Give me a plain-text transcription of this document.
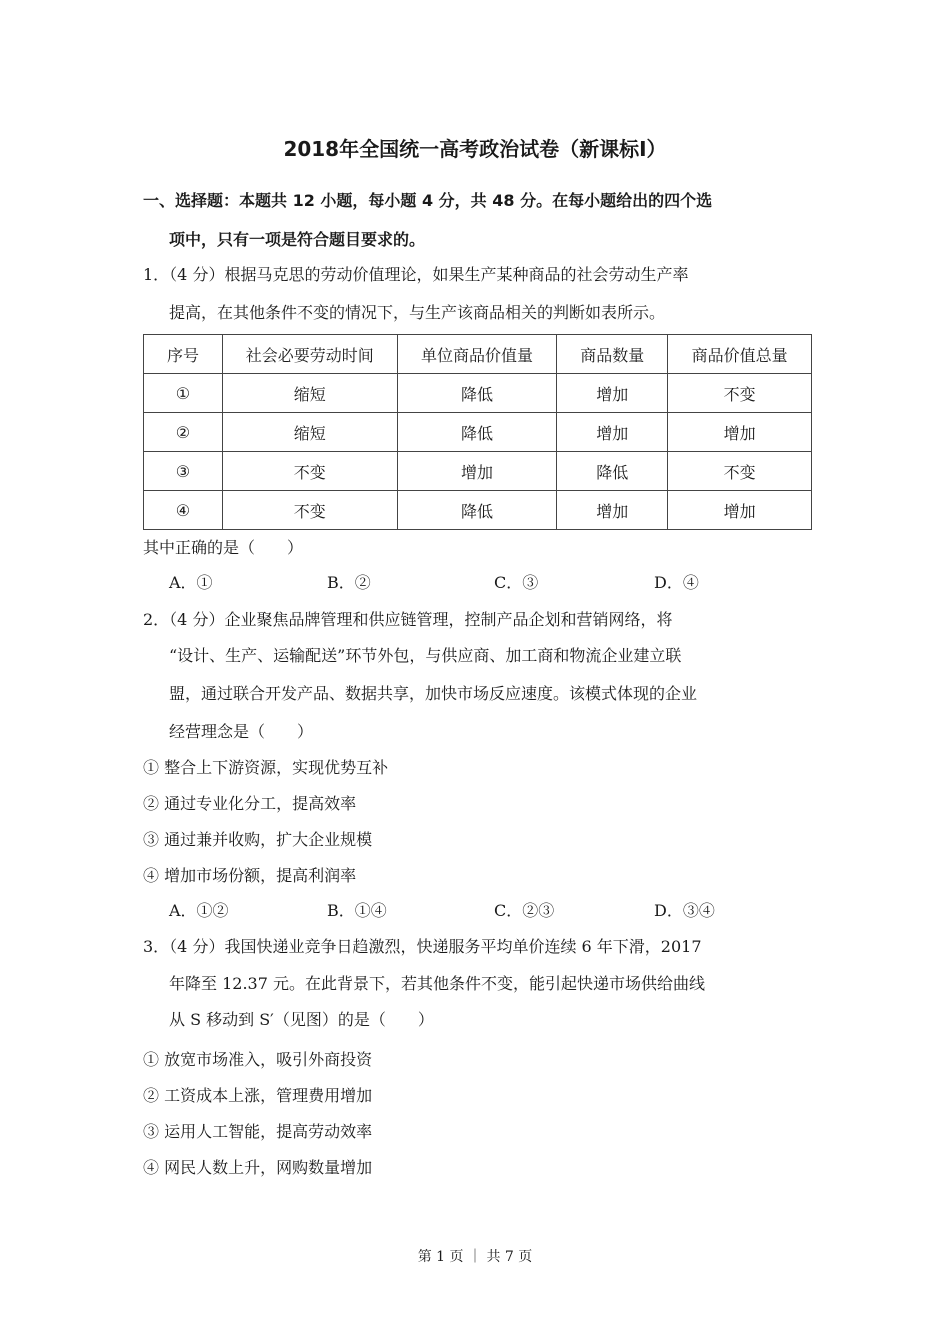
2018年全国统一高考政治试卷（新课标Ⅰ）
一、选择题：本题共 12 小题，每小题 4 分，共 48 分。在每小题给出的四个选
项中，只有一项是符合题目要求的。
1．（4 分）根据马克思的劳动价值理论，如果生产某种商品的社会劳动生产率
提高，在其他条件不变的情况下，与生产该商品相关的判断如表所示。
序号	社会必要劳动时间	单位商品价值量	商品数量	商品价值总量
①	缩短	降低	增加	不变
②	缩短	降低	增加	增加
③	不变	增加	降低	不变
④	不变	降低	增加	增加
其中正确的是（　　）
A．①	B．②	C．③	D．④
2．（4 分）企业聚焦品牌管理和供应链管理，控制产品企划和营销网络，将
“设计、生产、运输配送”环节外包，与供应商、加工商和物流企业建立联
盟，通过联合开发产品、数据共享，加快市场反应速度。该模式体现的企业
经营理念是（　　）
① 整合上下游资源，实现优势互补
② 通过专业化分工，提高效率
③ 通过兼并收购，扩大企业规模
④ 增加市场份额，提高利润率
A．①②	B．①④	C．②③	D．③④
3．（4 分）我国快递业竞争日趋激烈，快递服务平均单价连续 6 年下滑，2017
年降至 12.37 元。在此背景下，若其他条件不变，能引起快递市场供给曲线
从 S 移动到 S′（见图）的是（　　）
① 放宽市场准入，吸引外商投资
② 工资成本上涨，管理费用增加
③ 运用人工智能，提高劳动效率
④ 网民人数上升，网购数量增加
第 1 页 ｜ 共 7 页
